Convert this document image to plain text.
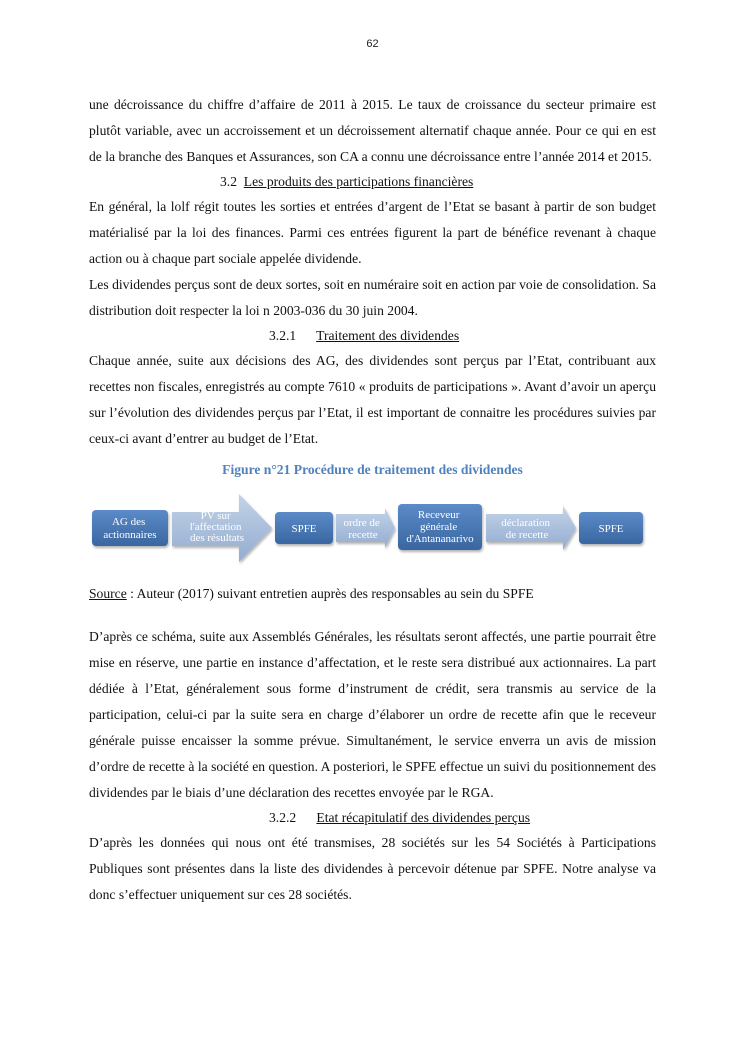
62

une décroissance du chiffre d’affaire de 2011 à 2015. Le taux de croissance du secteur primaire est plutôt variable, avec un accroissement et un décroissement alternatif chaque année. Pour ce qui en est de la branche des Banques et Assurances, son CA a connu une décroissance entre l’année 2014 et 2015.

3.2 Les produits des participations financières

En général, la lolf régit toutes les sorties et entrées d’argent de l’Etat se basant à partir de son budget matérialisé par la loi des finances. Parmi ces entrées figurent la part de bénéfice revenant à chaque action ou à chaque part sociale appelée dividende.

Les dividendes perçus sont de deux sortes, soit en numéraire soit en action par voie de consolidation. Sa distribution doit respecter la loi n 2003-036 du 30 juin 2004.

3.2.1 Traitement des dividendes

Chaque année, suite aux décisions des AG, des dividendes sont perçus par l’Etat, contribuant aux recettes non fiscales, enregistrés au compte 7610 « produits de participations ». Avant d’avoir un aperçu sur l’évolution des dividendes perçus par l’Etat, il est important de connaitre les procédures suivies par ceux-ci avant d’entrer au budget de l’Etat.

Figure n°21 Procédure de traitement des dividendes

AG des actionnaires
PV sur l'affectation des résultats
SPFE ordre de recette
Receveur générale d'Antananarivo
déclaration de recette	SPFE

Source : Auteur (2017) suivant entretien auprès des responsables au sein du SPFE

D’après ce schéma, suite aux Assemblés Générales, les résultats seront affectés, une partie pourrait être mise en réserve, une partie en instance d’affectation, et le reste sera distribué aux actionnaires. La part dédiée à l’Etat, généralement sous forme d’instrument de crédit, sera transmis au service de la participation, celui-ci par la suite sera en charge d’élaborer un ordre de recette afin que le receveur générale puisse encaisser la somme prévue. Simultanément, le service enverra un avis de mission d’ordre de recette à la société en question. A posteriori, le SPFE effectue un suivi du positionnement des dividendes par le biais d’une déclaration des recettes envoyée par le RGA.

3.2.2 Etat récapitulatif des dividendes perçus

D’après les données qui nous ont été transmises, 28 sociétés sur les 54 Sociétés à Participations Publiques sont présentes dans la liste des dividendes à percevoir détenue par SPFE. Notre analyse va donc s’effectuer uniquement sur ces 28 sociétés.
